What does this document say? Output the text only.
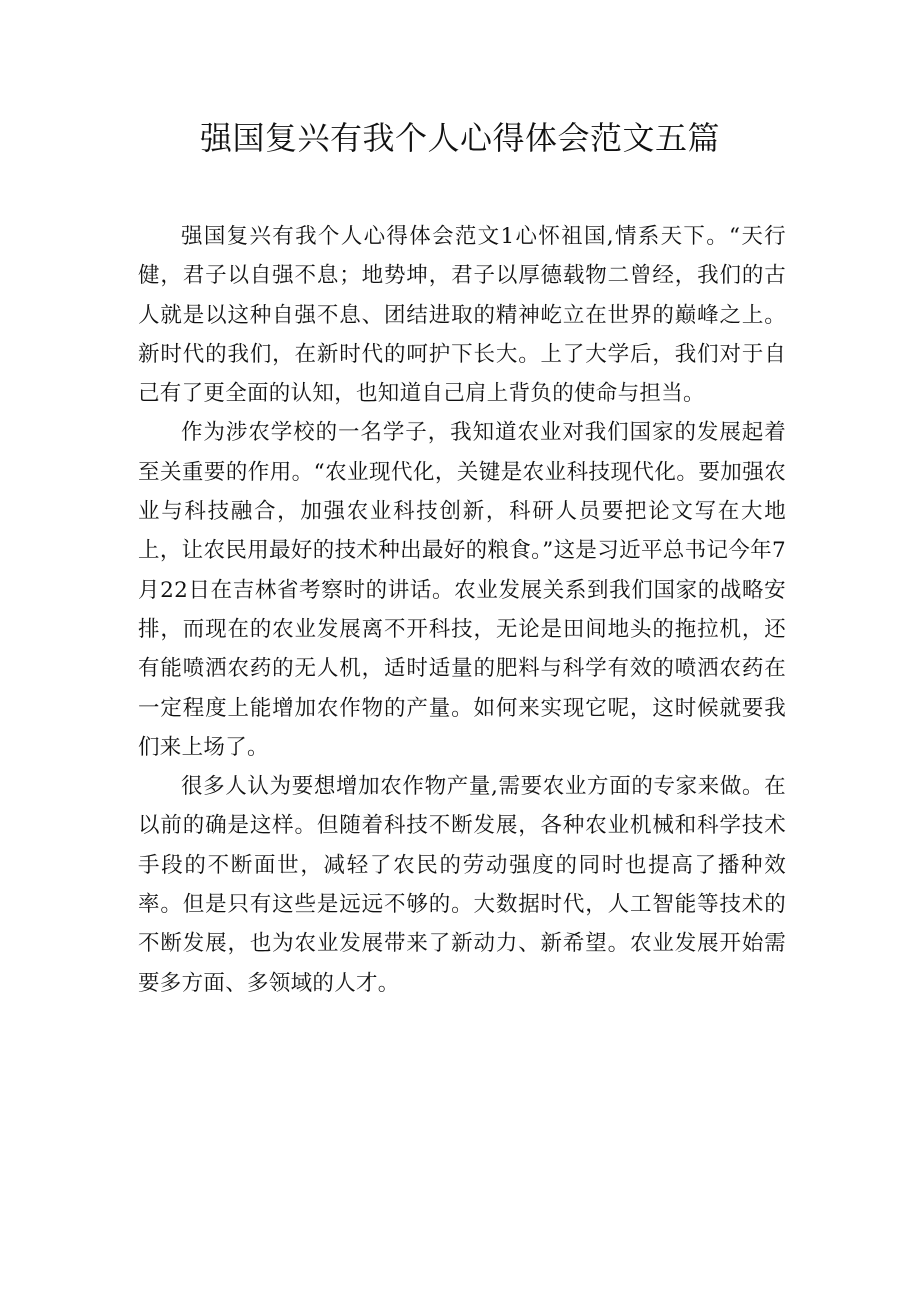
强国复兴有我个人心得体会范文五篇

强国复兴有我个人心得体会范文1心怀祖国,情系天下。“天行健，君子以自强不息；地势坤，君子以厚德载物二曾经，我们的古人就是以这种自强不息、团结进取的精神屹立在世界的巅峰之上。新时代的我们，在新时代的呵护下长大。上了大学后，我们对于自己有了更全面的认知，也知道自己肩上背负的使命与担当。

作为涉农学校的一名学子，我知道农业对我们国家的发展起着至关重要的作用。“农业现代化，关键是农业科技现代化。要加强农业与科技融合，加强农业科技创新，科研人员要把论文写在大地上，让农民用最好的技术种出最好的粮食。”这是习近平总书记今年7月22日在吉林省考察时的讲话。农业发展关系到我们国家的战略安排，而现在的农业发展离不开科技，无论是田间地头的拖拉机，还有能喷洒农药的无人机，适时适量的肥料与科学有效的喷洒农药在一定程度上能增加农作物的产量。如何来实现它呢，这时候就要我们来上场了。

很多人认为要想增加农作物产量,需要农业方面的专家来做。在以前的确是这样。但随着科技不断发展，各种农业机械和科学技术手段的不断面世，减轻了农民的劳动强度的同时也提高了播种效率。但是只有这些是远远不够的。大数据时代，人工智能等技术的不断发展，也为农业发展带来了新动力、新希望。农业发展开始需要多方面、多领域的人才。
